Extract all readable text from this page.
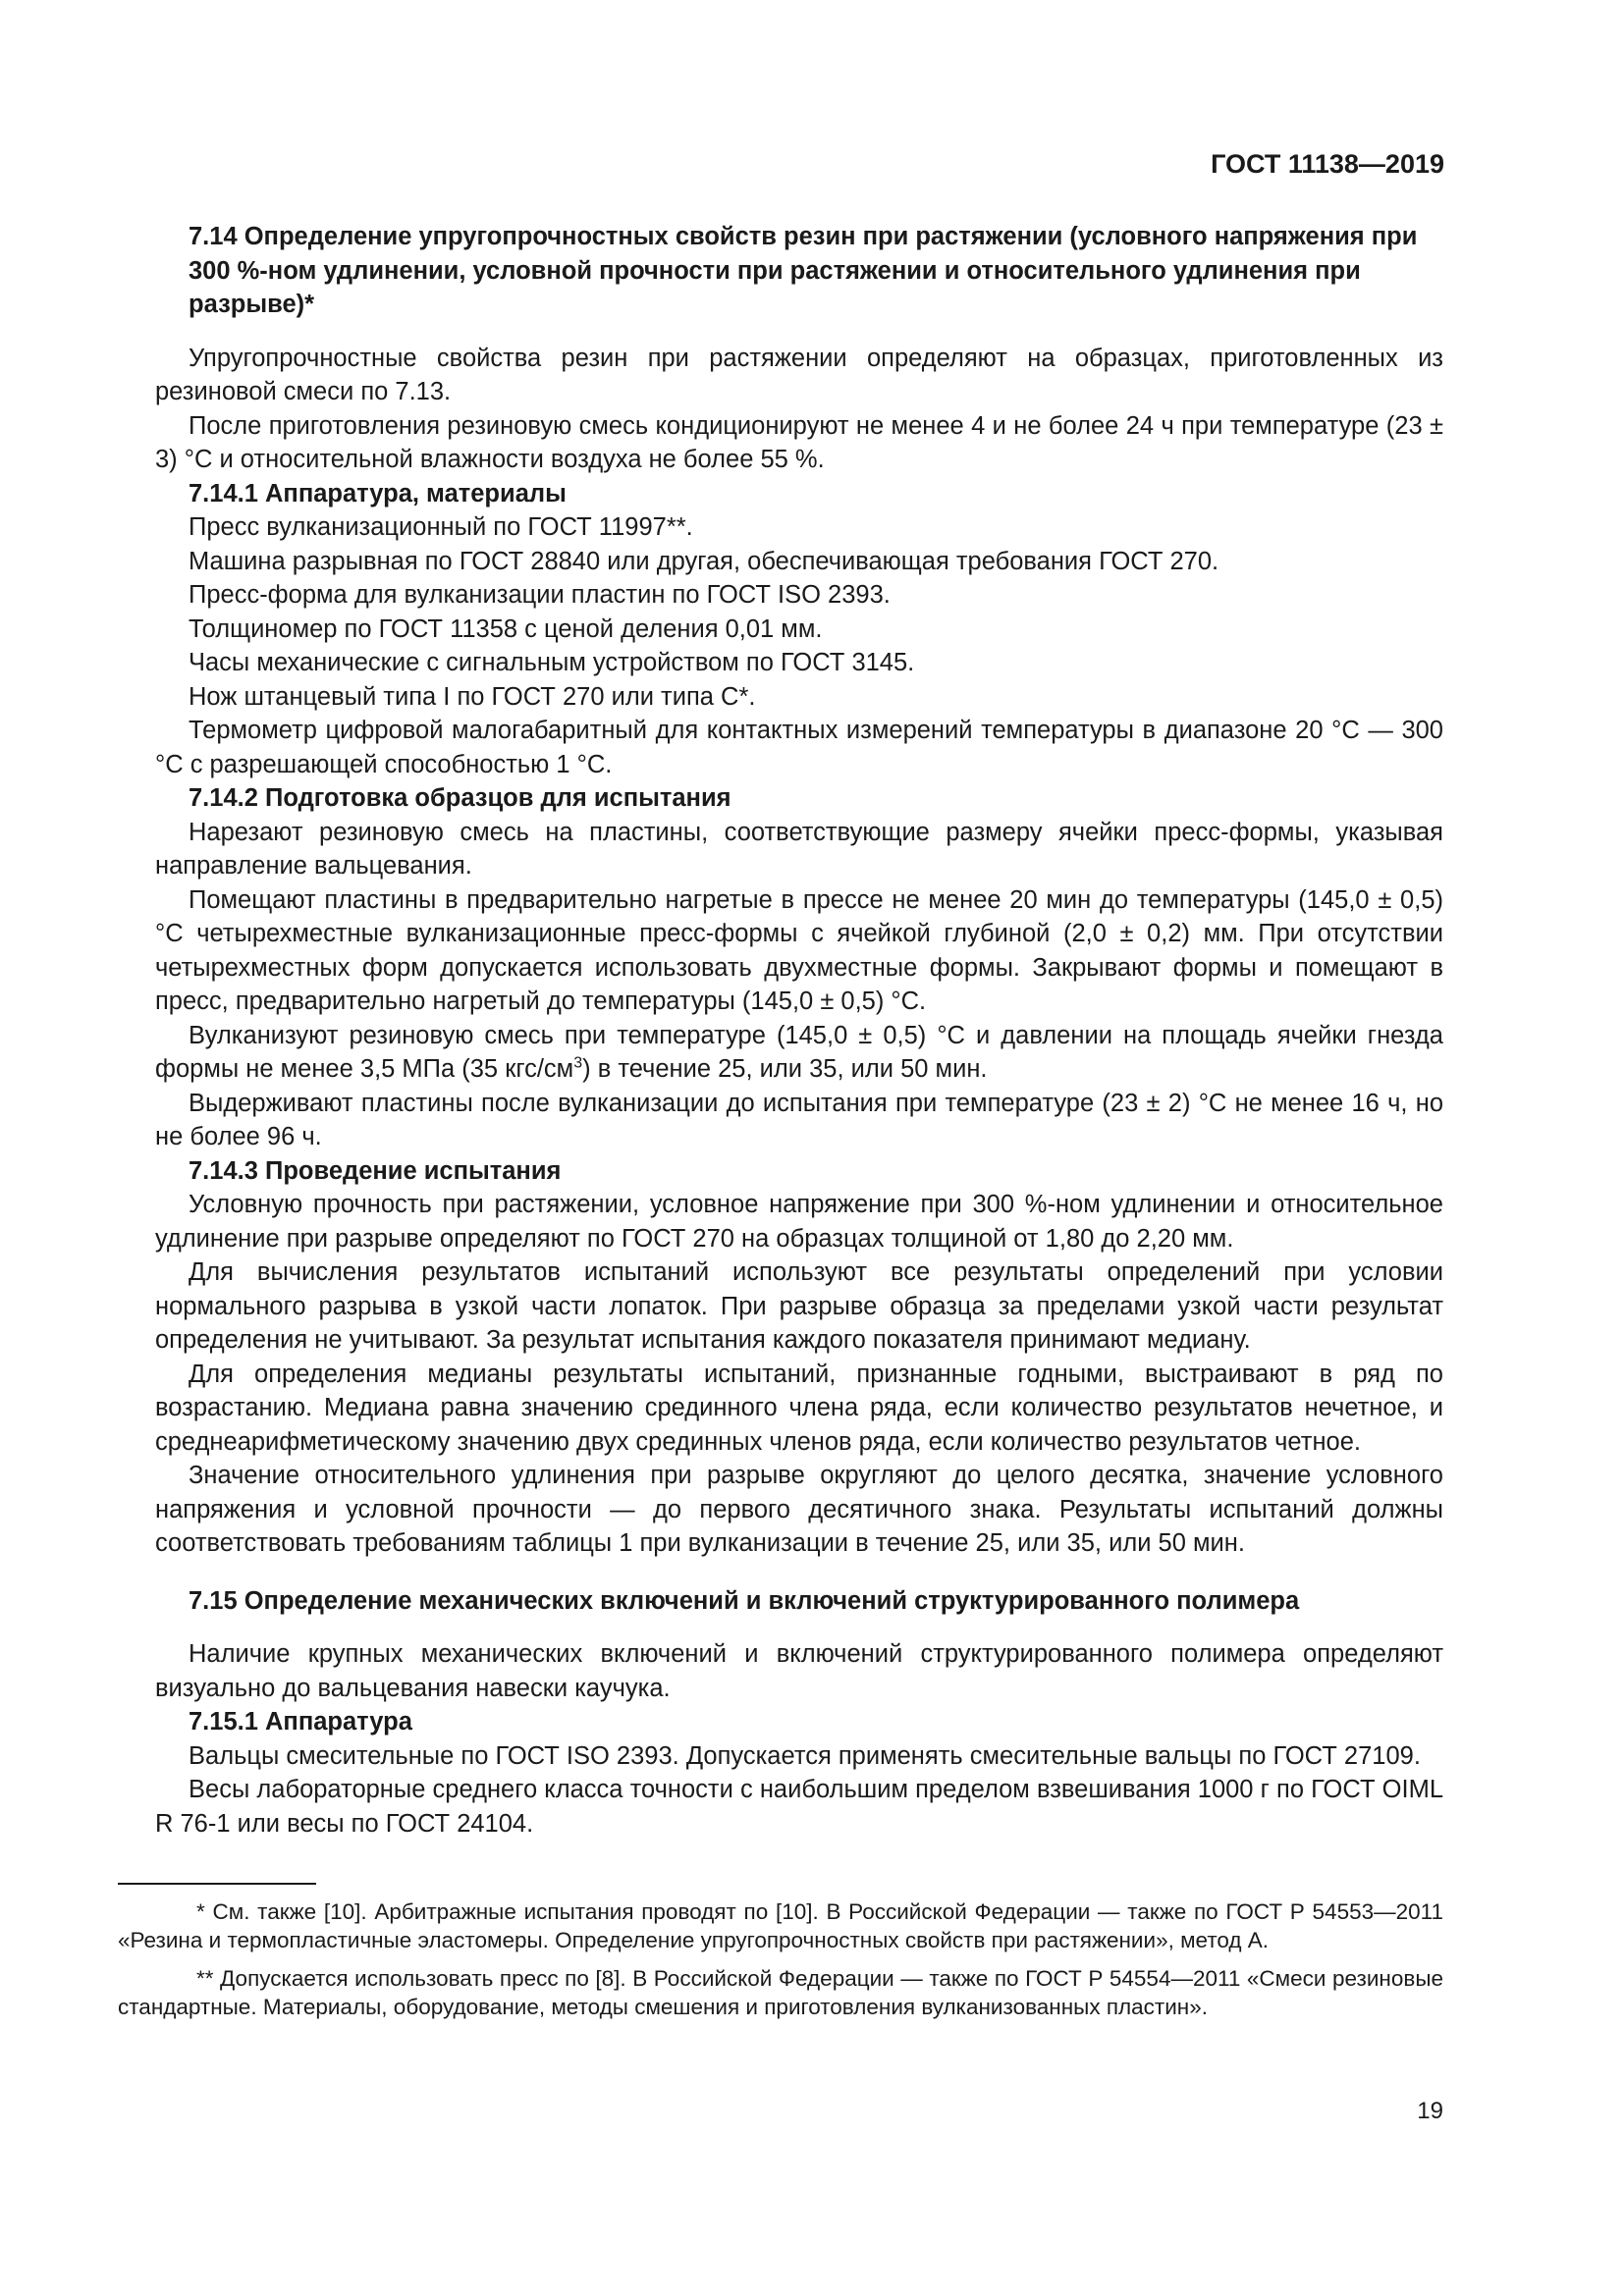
ГОСТ 11138—2019

7.14 Определение упругопрочностных свойств резин при растяжении (условного напряжения при 300 %-ном удлинении, условной прочности при растяжении и относительного удлинения при разрыве)*

Упругопрочностные свойства резин при растяжении определяют на образцах, приготовленных из резиновой смеси по 7.13.

После приготовления резиновую смесь кондиционируют не менее 4 и не более 24 ч при температуре (23 ± 3) °С и относительной влажности воздуха не более 55 %.

7.14.1 Аппаратура, материалы

Пресс вулканизационный по ГОСТ 11997**.

Машина разрывная по ГОСТ 28840 или другая, обеспечивающая требования ГОСТ 270.

Пресс-форма для вулканизации пластин по ГОСТ ISO 2393.

Толщиномер по ГОСТ 11358 с ценой деления 0,01 мм.

Часы механические с сигнальным устройством по ГОСТ 3145.

Нож штанцевый типа I по ГОСТ 270 или типа С*.

Термометр цифровой малогабаритный для контактных измерений температуры в диапазоне 20 °С — 300 °С с разрешающей способностью 1 °С.

7.14.2 Подготовка образцов для испытания

Нарезают резиновую смесь на пластины, соответствующие размеру ячейки пресс-формы, указывая направление вальцевания.

Помещают пластины в предварительно нагретые в прессе не менее 20 мин до температуры (145,0 ± 0,5) °С четырехместные вулканизационные пресс-формы с ячейкой глубиной (2,0 ± 0,2) мм. При отсутствии четырехместных форм допускается использовать двухместные формы. Закрывают формы и помещают в пресс, предварительно нагретый до температуры (145,0 ± 0,5) °С.

Вулканизуют резиновую смесь при температуре (145,0 ± 0,5) °С и давлении на площадь ячейки гнезда формы не менее 3,5 МПа (35 кгс/$см^3$) в течение 25, или 35, или 50 мин.

Выдерживают пластины после вулканизации до испытания при температуре (23 ± 2) °С не менее 16 ч, но не более 96 ч.

7.14.3 Проведение испытания

Условную прочность при растяжении, условное напряжение при 300 %-ном удлинении и относительное удлинение при разрыве определяют по ГОСТ 270 на образцах толщиной от 1,80 до 2,20 мм.

Для вычисления результатов испытаний используют все результаты определений при условии нормального разрыва в узкой части лопаток. При разрыве образца за пределами узкой части результат определения не учитывают. За результат испытания каждого показателя принимают медиану.

Для определения медианы результаты испытаний, признанные годными, выстраивают в ряд по возрастанию. Медиана равна значению срединного члена ряда, если количество результатов нечетное, и среднеарифметическому значению двух срединных членов ряда, если количество результатов четное.

Значение относительного удлинения при разрыве округляют до целого десятка, значение условного напряжения и условной прочности — до первого десятичного знака. Результаты испытаний должны соответствовать требованиям таблицы 1 при вулканизации в течение 25, или 35, или 50 мин.

7.15 Определение механических включений и включений структурированного полимера

Наличие крупных механических включений и включений структурированного полимера определяют визуально до вальцевания навески каучука.

7.15.1 Аппаратура

Вальцы смесительные по ГОСТ ISO 2393. Допускается применять смесительные вальцы по ГОСТ 27109.

Весы лабораторные среднего класса точности с наибольшим пределом взвешивания 1000 г по ГОСТ OIML R 76-1 или весы по ГОСТ 24104.

* См. также [10]. Арбитражные испытания проводят по [10]. В Российской Федерации — также по ГОСТ Р 54553—2011 «Резина и термопластичные эластомеры. Определение упругопрочностных свойств при растяжении», метод А.

** Допускается использовать пресс по [8]. В Российской Федерации — также по ГОСТ Р 54554—2011 «Смеси резиновые стандартные. Материалы, оборудование, методы смешения и приготовления вулканизованных пластин».

19
